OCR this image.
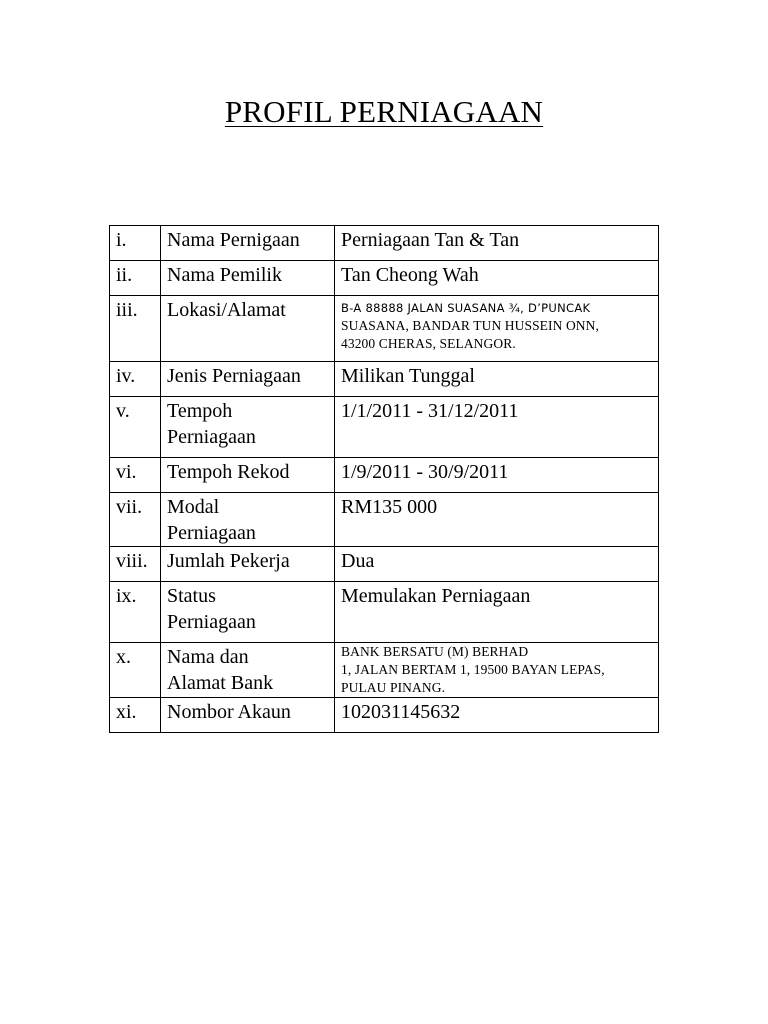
PROFIL PERNIAGAAN
i.	Nama Pernigaan	Perniagaan Tan & Tan

ii.	Nama Pemilik	Tan Cheong Wah

iii.	Lokasi/Alamat	B-A 88888 JALAN SUASANA ¾, D’PUNCAK
SUASANA, BANDAR TUN HUSSEIN ONN,
43200 CHERAS, SELANGOR.

iv.	Jenis Perniagaan	Milikan Tunggal

v.	Tempoh
Perniagaan	1/1/2011 - 31/12/2011

vi.	Tempoh Rekod	1/9/2011 - 30/9/2011

vii.	Modal
Perniagaan	RM135 000

viii.	Jumlah Pekerja	Dua

ix.	Status
Perniagaan	Memulakan Perniagaan

x.	Nama dan
Alamat Bank	BANK BERSATU (M) BERHAD
1, JALAN BERTAM 1, 19500 BAYAN LEPAS,
PULAU PINANG.

xi.	Nombor Akaun	102031145632
